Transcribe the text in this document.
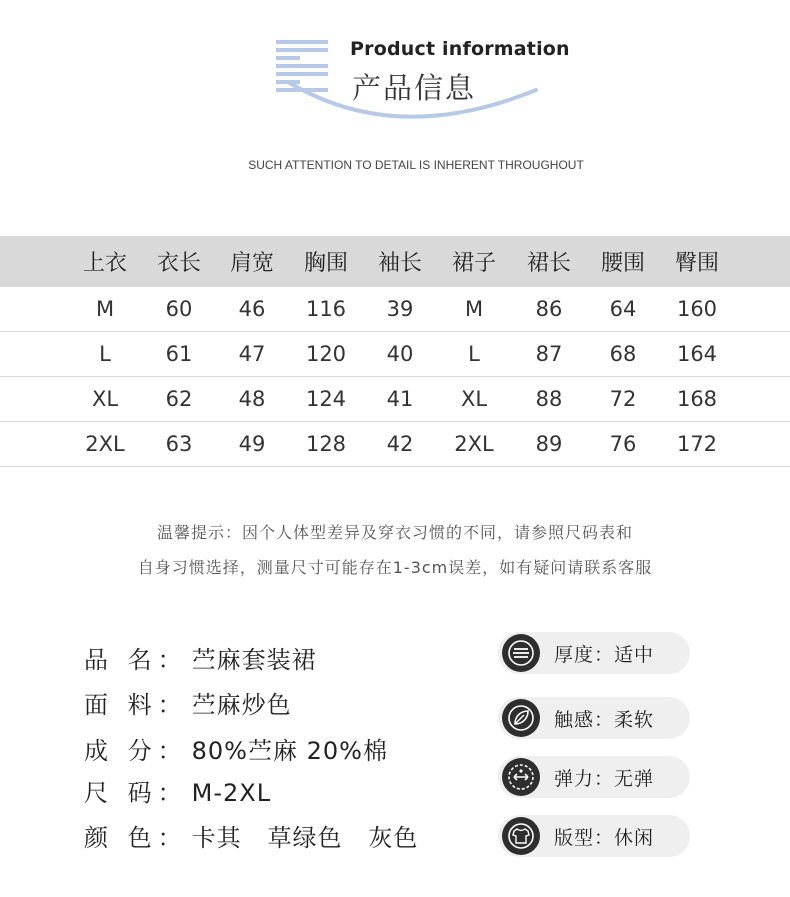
Product information
产品信息
SUCH ATTENTION TO DETAIL IS INHERENT THROUGHOUT
上衣	衣长	肩宽	胸围	袖长	裙子	裙长	腰围	臀围
M	60	46	116	39	M	86	64	160
L	61	47	120	40	L	87	68	164
XL	62	48	124	41	XL	88	72	168
2XL	63	49	128	42	2XL	89	76	172
温馨提示：因个人体型差异及穿衣习惯的不同，请参照尺码表和
自身习惯选择，测量尺寸可能存在1-3cm误差，如有疑问请联系客服
品 名： 苎麻套装裙
面 料： 苎麻炒色
成 分： 80%苎麻 20%棉
尺 码： M-2XL
颜 色： 卡其   草绿色   灰色
厚度：适中
触感：柔软
弹力：无弹
版型：休闲
